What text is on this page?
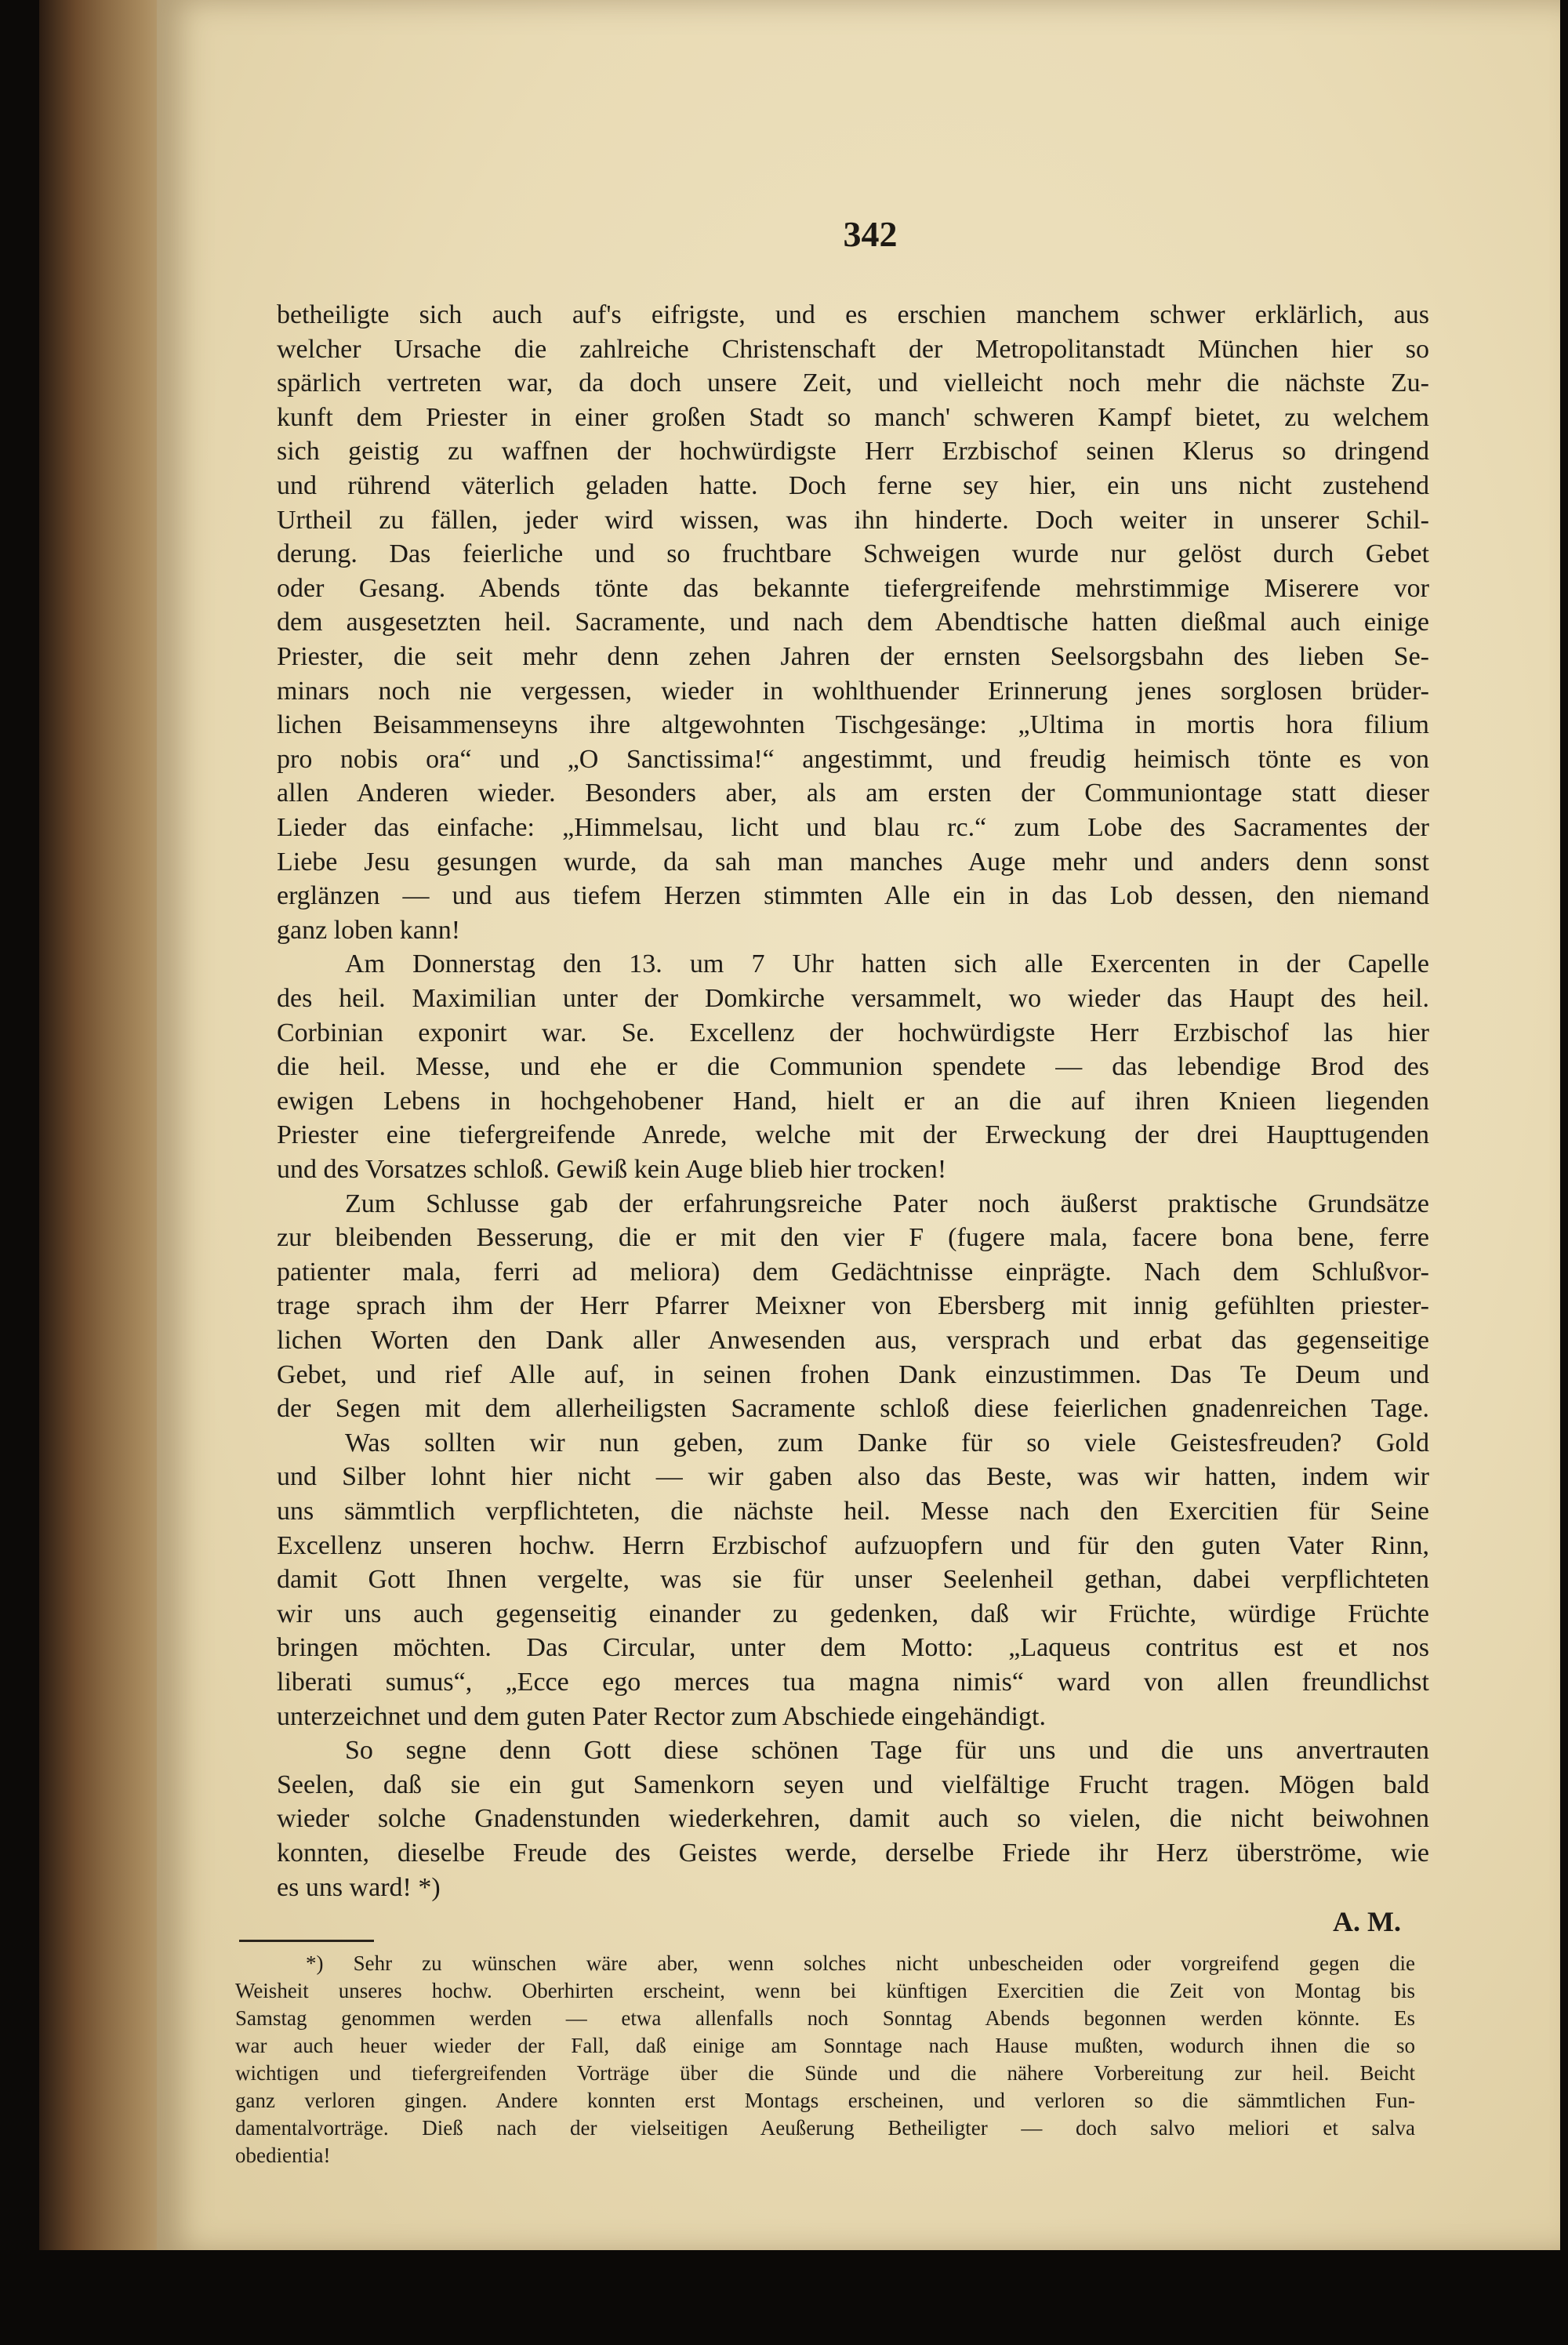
342
betheiligte sich auch auf's eifrigste, und es erschien manchem schwer erklärlich, aus
welcher Ursache die zahlreiche Christenschaft der Metropolitanstadt München hier so
spärlich vertreten war, da doch unsere Zeit, und vielleicht noch mehr die nächste Zu-
kunft dem Priester in einer großen Stadt so manch' schweren Kampf bietet, zu welchem
sich geistig zu waffnen der hochwürdigste Herr Erzbischof seinen Klerus so dringend
und rührend väterlich geladen hatte. Doch ferne sey hier, ein uns nicht zustehend
Urtheil zu fällen, jeder wird wissen, was ihn hinderte. Doch weiter in unserer Schil-
derung. Das feierliche und so fruchtbare Schweigen wurde nur gelöst durch Gebet
oder Gesang. Abends tönte das bekannte tiefergreifende mehrstimmige Miserere vor
dem ausgesetzten heil. Sacramente, und nach dem Abendtische hatten dießmal auch einige
Priester, die seit mehr denn zehen Jahren der ernsten Seelsorgsbahn des lieben Se-
minars noch nie vergessen, wieder in wohlthuender Erinnerung jenes sorglosen brüder-
lichen Beisammenseyns ihre altgewohnten Tischgesänge: „Ultima in mortis hora filium
pro nobis ora“ und „O Sanctissima!“ angestimmt, und freudig heimisch tönte es von
allen Anderen wieder. Besonders aber, als am ersten der Communiontage statt dieser
Lieder das einfache: „Himmelsau, licht und blau rc.“ zum Lobe des Sacramentes der
Liebe Jesu gesungen wurde, da sah man manches Auge mehr und anders denn sonst
erglänzen — und aus tiefem Herzen stimmten Alle ein in das Lob dessen, den niemand
ganz loben kann!
Am Donnerstag den 13. um 7 Uhr hatten sich alle Exercenten in der Capelle
des heil. Maximilian unter der Domkirche versammelt, wo wieder das Haupt des heil.
Corbinian exponirt war. Se. Excellenz der hochwürdigste Herr Erzbischof las hier
die heil. Messe, und ehe er die Communion spendete — das lebendige Brod des
ewigen Lebens in hochgehobener Hand, hielt er an die auf ihren Knieen liegenden
Priester eine tiefergreifende Anrede, welche mit der Erweckung der drei Haupttugenden
und des Vorsatzes schloß. Gewiß kein Auge blieb hier trocken!
Zum Schlusse gab der erfahrungsreiche Pater noch äußerst praktische Grundsätze
zur bleibenden Besserung, die er mit den vier F (fugere mala, facere bona bene, ferre
patienter mala, ferri ad meliora) dem Gedächtnisse einprägte. Nach dem Schlußvor-
trage sprach ihm der Herr Pfarrer Meixner von Ebersberg mit innig gefühlten priester-
lichen Worten den Dank aller Anwesenden aus, versprach und erbat das gegenseitige
Gebet, und rief Alle auf, in seinen frohen Dank einzustimmen. Das Te Deum und
der Segen mit dem allerheiligsten Sacramente schloß diese feierlichen gnadenreichen Tage.
Was sollten wir nun geben, zum Danke für so viele Geistesfreuden? Gold
und Silber lohnt hier nicht — wir gaben also das Beste, was wir hatten, indem wir
uns sämmtlich verpflichteten, die nächste heil. Messe nach den Exercitien für Seine
Excellenz unseren hochw. Herrn Erzbischof aufzuopfern und für den guten Vater Rinn,
damit Gott Ihnen vergelte, was sie für unser Seelenheil gethan, dabei verpflichteten
wir uns auch gegenseitig einander zu gedenken, daß wir Früchte, würdige Früchte
bringen möchten. Das Circular, unter dem Motto: „Laqueus contritus est et nos
liberati sumus“, „Ecce ego merces tua magna nimis“ ward von allen freundlichst
unterzeichnet und dem guten Pater Rector zum Abschiede eingehändigt.
So segne denn Gott diese schönen Tage für uns und die uns anvertrauten
Seelen, daß sie ein gut Samenkorn seyen und vielfältige Frucht tragen. Mögen bald
wieder solche Gnadenstunden wiederkehren, damit auch so vielen, die nicht beiwohnen
konnten, dieselbe Freude des Geistes werde, derselbe Friede ihr Herz überströme, wie
es uns ward! *)
A. M.
*) Sehr zu wünschen wäre aber, wenn solches nicht unbescheiden oder vorgreifend gegen die
Weisheit unseres hochw. Oberhirten erscheint, wenn bei künftigen Exercitien die Zeit von Montag bis
Samstag genommen werden — etwa allenfalls noch Sonntag Abends begonnen werden könnte. Es
war auch heuer wieder der Fall, daß einige am Sonntage nach Hause mußten, wodurch ihnen die so
wichtigen und tiefergreifenden Vorträge über die Sünde und die nähere Vorbereitung zur heil. Beicht
ganz verloren gingen. Andere konnten erst Montags erscheinen, und verloren so die sämmtlichen Fun-
damentalvorträge. Dieß nach der vielseitigen Aeußerung Betheiligter — doch salvo meliori et salva
obedientia!
